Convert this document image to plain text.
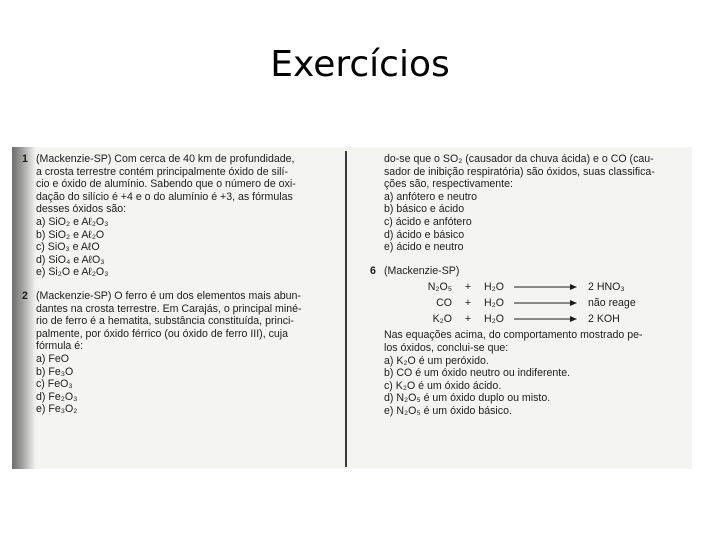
Exercícios
1 (Mackenzie-SP) Com cerca de 40 km de profundidade,

a crosta terrestre contém principalmente óxido de silí-

cio e óxido de alumínio. Sabendo que o número de oxi-

dação do silício é +4 e o do alumínio é +3, as fórmulas

desses óxidos são:

a) SiO₂ e Aℓ₂O₃

b) SiO₂ e Aℓ₂O

c) SiO₃ e AℓO

d) SiO₄ e AℓO₃

e) Si₂O e Aℓ₂O₃

2 (Mackenzie-SP) O ferro é um dos elementos mais abun-

dantes na crosta terrestre. Em Carajás, o principal miné-

rio de ferro é a hematita, substância constituída, princi-

palmente, por óxido férrico (ou óxido de ferro III), cuja

fórmula é:

a) FeO

b) Fe₃O

c) FeO₃

d) Fe₂O₃

e) Fe₃O₂

do-se que o SO₂ (causador da chuva ácida) e o CO (cau-

sador de inibição respiratória) são óxidos, suas classifica-

ções são, respectivamente:

a) anfótero e neutro

b) básico e ácido

c) ácido e anfótero

d) ácido e básico

e) ácido e neutro

6 (Mackenzie-SP)

N₂O₅	+	H₂O	2 HNO₃
CO	+	H₂O	não reage
K₂O	+	H₂O	2 KOH

Nas equações acima, do comportamento mostrado pe-

los óxidos, conclui-se que:

a) K₂O é um peróxido.

b) CO é um óxido neutro ou indiferente.

c) K₂O é um óxido ácido.

d) N₂O₅ é um óxido duplo ou misto.

e) N₂O₅ é um óxido básico.
